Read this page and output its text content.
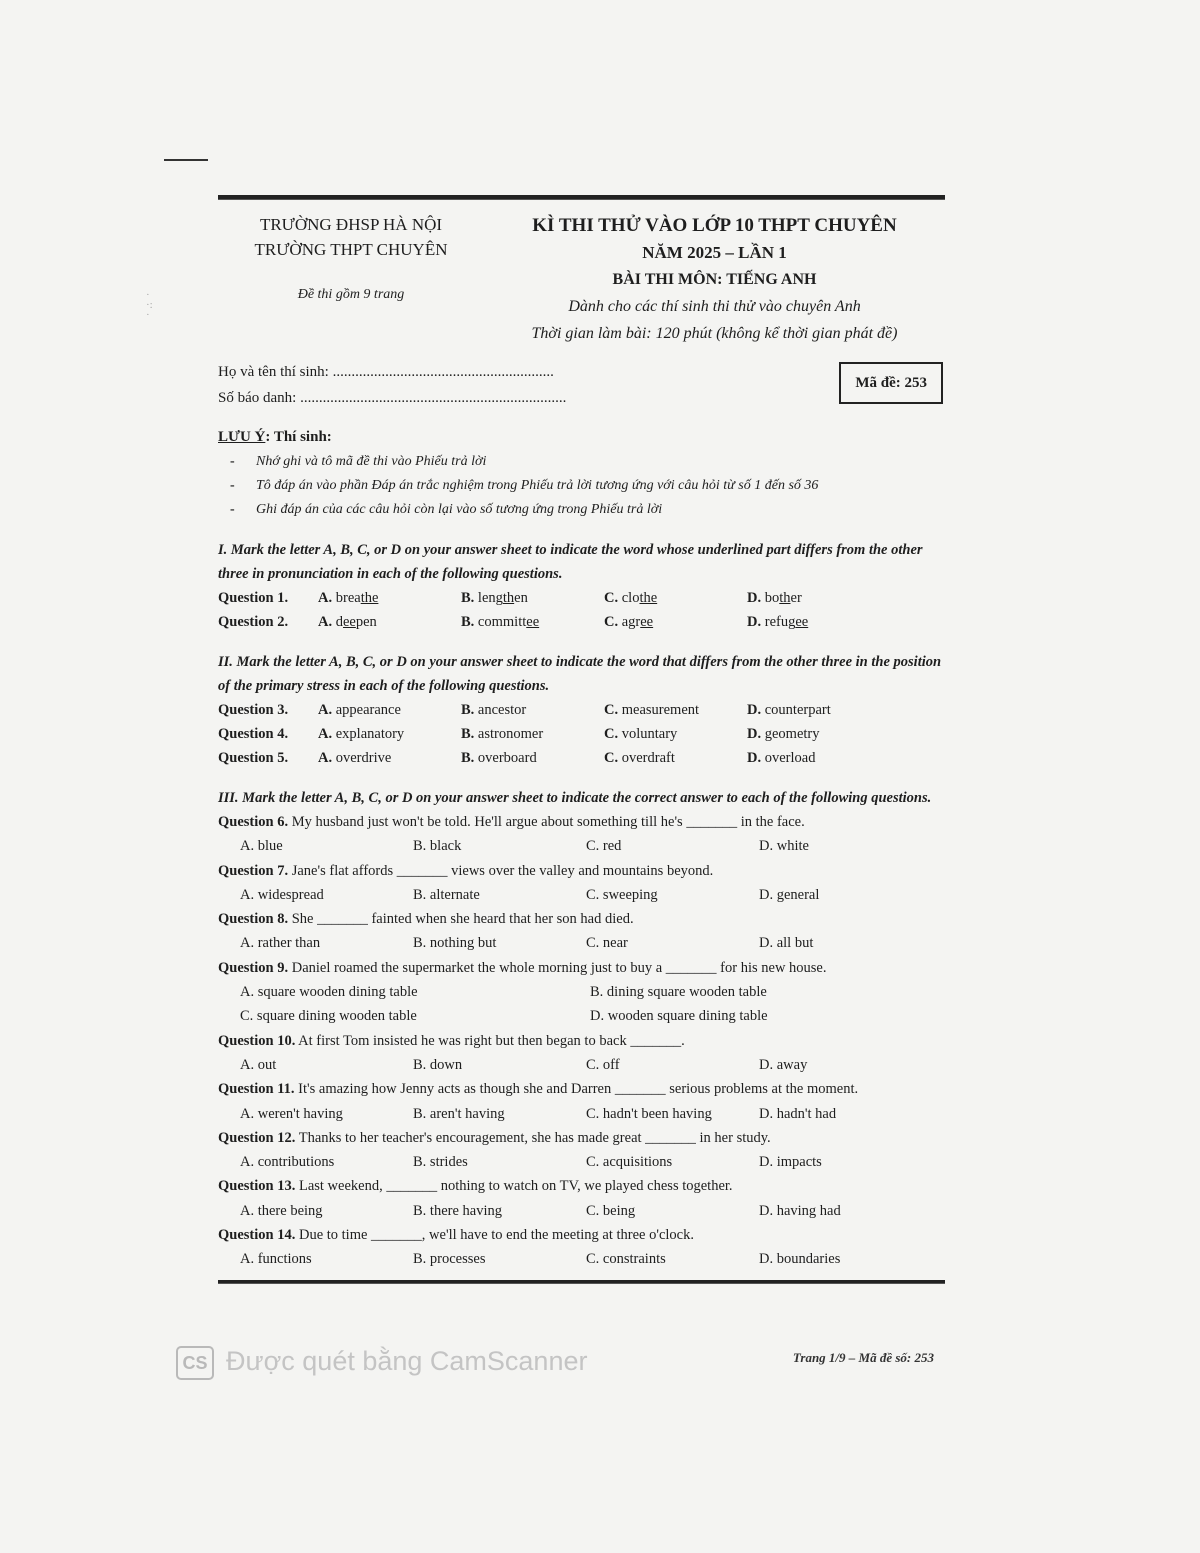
·
·:
·
TRƯỜNG ĐHSP HÀ NỘI
TRƯỜNG THPT CHUYÊN
Đề thi gồm 9 trang
KÌ THI THỬ VÀO LỚP 10 THPT CHUYÊN
NĂM 2025 – LẦN 1
BÀI THI MÔN: TIẾNG ANH
Dành cho các thí sinh thi thử vào chuyên Anh
Thời gian làm bài: 120 phút (không kể thời gian phát đề)
Họ và tên thí sinh: ...........................................................
Số báo danh: .......................................................................
Mã đề: 253
LƯU Ý: Thí sinh:
- Nhớ ghi và tô mã đề thi vào Phiếu trả lời
- Tô đáp án vào phần Đáp án trắc nghiệm trong Phiếu trả lời tương ứng với câu hỏi từ số 1 đến số 36
- Ghi đáp án của các câu hỏi còn lại vào số tương ứng trong Phiếu trả lời
I. Mark the letter A, B, C, or D on your answer sheet to indicate the word whose underlined part differs from the other three in pronunciation in each of the following questions.
Question 1.	A. breathe	B. lengthen	C. clothe	D. bother
Question 2.	A. deepen	B. committee	C. agree	D. refugee
II. Mark the letter A, B, C, or D on your answer sheet to indicate the word that differs from the other three in the position of the primary stress in each of the following questions.
Question 3.	A. appearance	B. ancestor	C. measurement	D. counterpart
Question 4.	A. explanatory	B. astronomer	C. voluntary	D. geometry
Question 5.	A. overdrive	B. overboard	C. overdraft	D. overload
III. Mark the letter A, B, C, or D on your answer sheet to indicate the correct answer to each of the following questions.
Question 6. My husband just won't be told. He'll argue about something till he's _______ in the face.
A. blue	B. black	C. red	D. white
Question 7. Jane's flat affords _______ views over the valley and mountains beyond.
A. widespread	B. alternate	C. sweeping	D. general
Question 8. She _______ fainted when she heard that her son had died.
A. rather than	B. nothing but	C. near	D. all but
Question 9. Daniel roamed the supermarket the whole morning just to buy a _______ for his new house.
A. square wooden dining table	B. dining square wooden table
C. square dining wooden table	D. wooden square dining table
Question 10. At first Tom insisted he was right but then began to back _______.
A. out	B. down	C. off	D. away
Question 11. It's amazing how Jenny acts as though she and Darren _______ serious problems at the moment.
A. weren't having	B. aren't having	C. hadn't been having	D. hadn't had
Question 12. Thanks to her teacher's encouragement, she has made great _______ in her study.
A. contributions	B. strides	C. acquisitions	D. impacts
Question 13. Last weekend, _______ nothing to watch on TV, we played chess together.
A. there being	B. there having	C. being	D. having had
Question 14. Due to time _______, we'll have to end the meeting at three o'clock.
A. functions	B. processes	C. constraints	D. boundaries
CS Được quét bằng CamScanner	Trang 1/9 – Mã đề số: 253
